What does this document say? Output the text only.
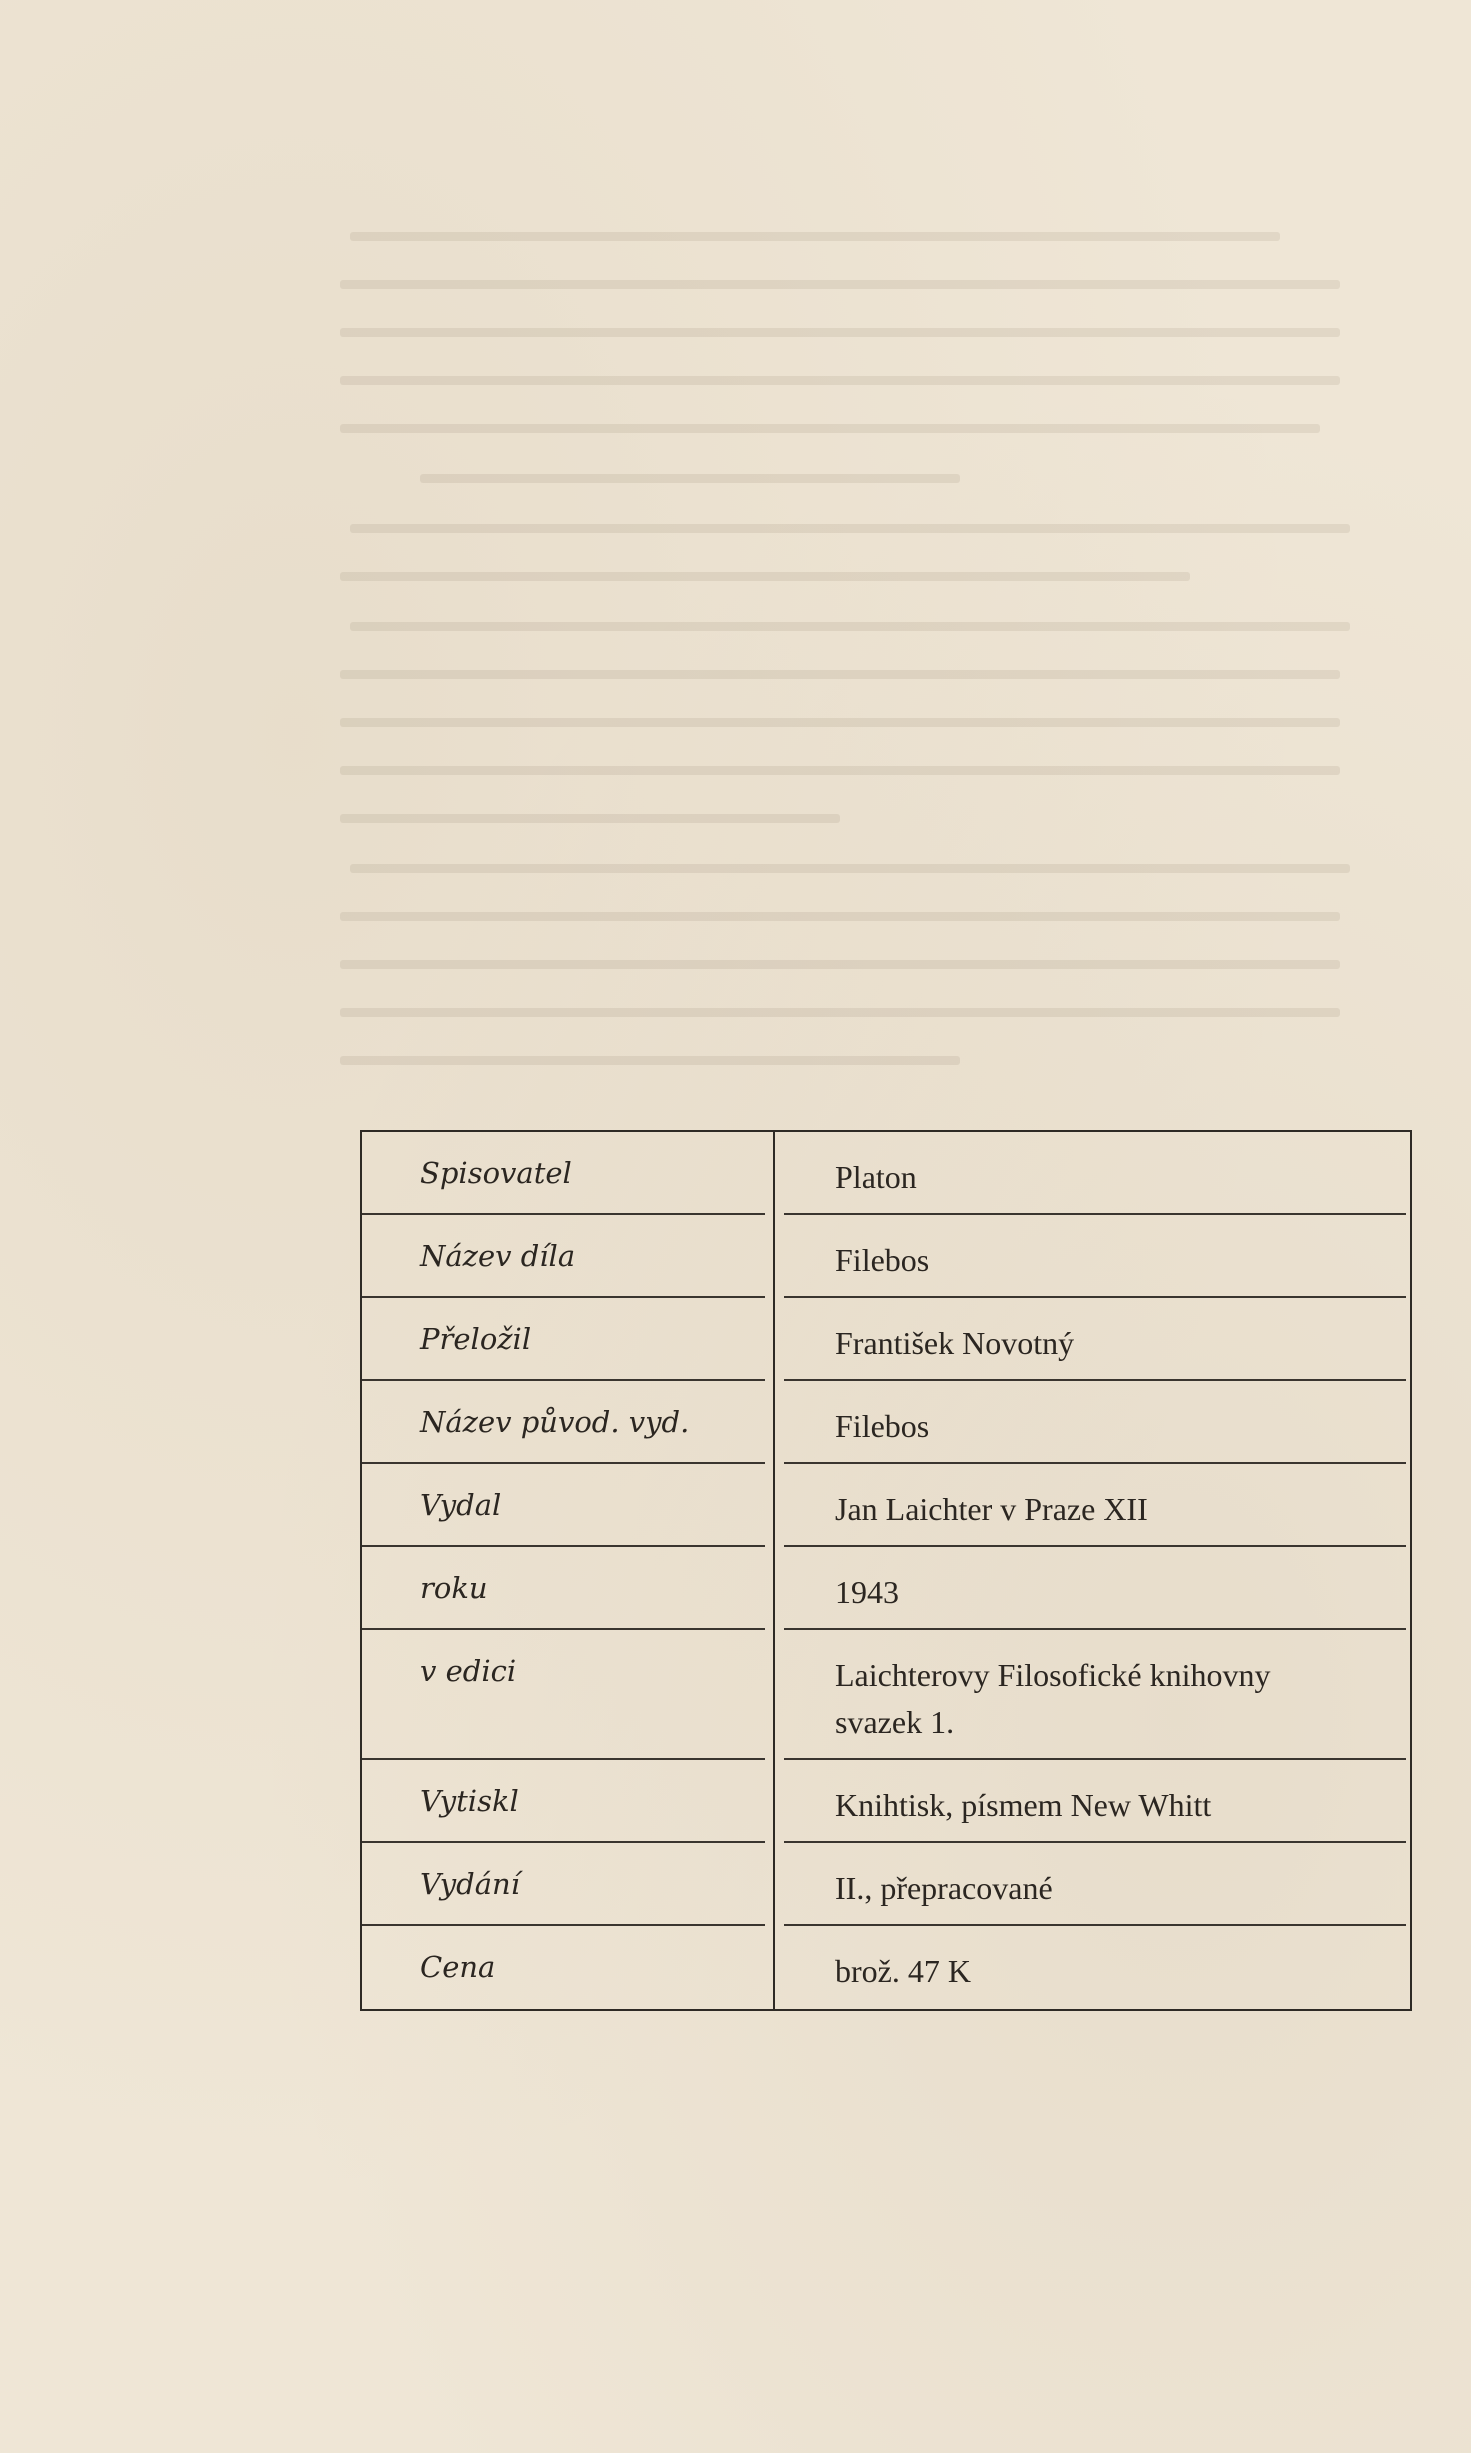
Spisovatel	Platon
Název díla	Filebos
Přeložil	František Novotný
Název původ. vyd.	Filebos
Vydal	Jan Laichter v Praze XII
roku	1943
v edici	Laichterovy Filosofické knihovny
svazek 1.
Vytiskl	Knihtisk, písmem New Whitt
Vydání	II., přepracované
Cena	brož. 47 K
